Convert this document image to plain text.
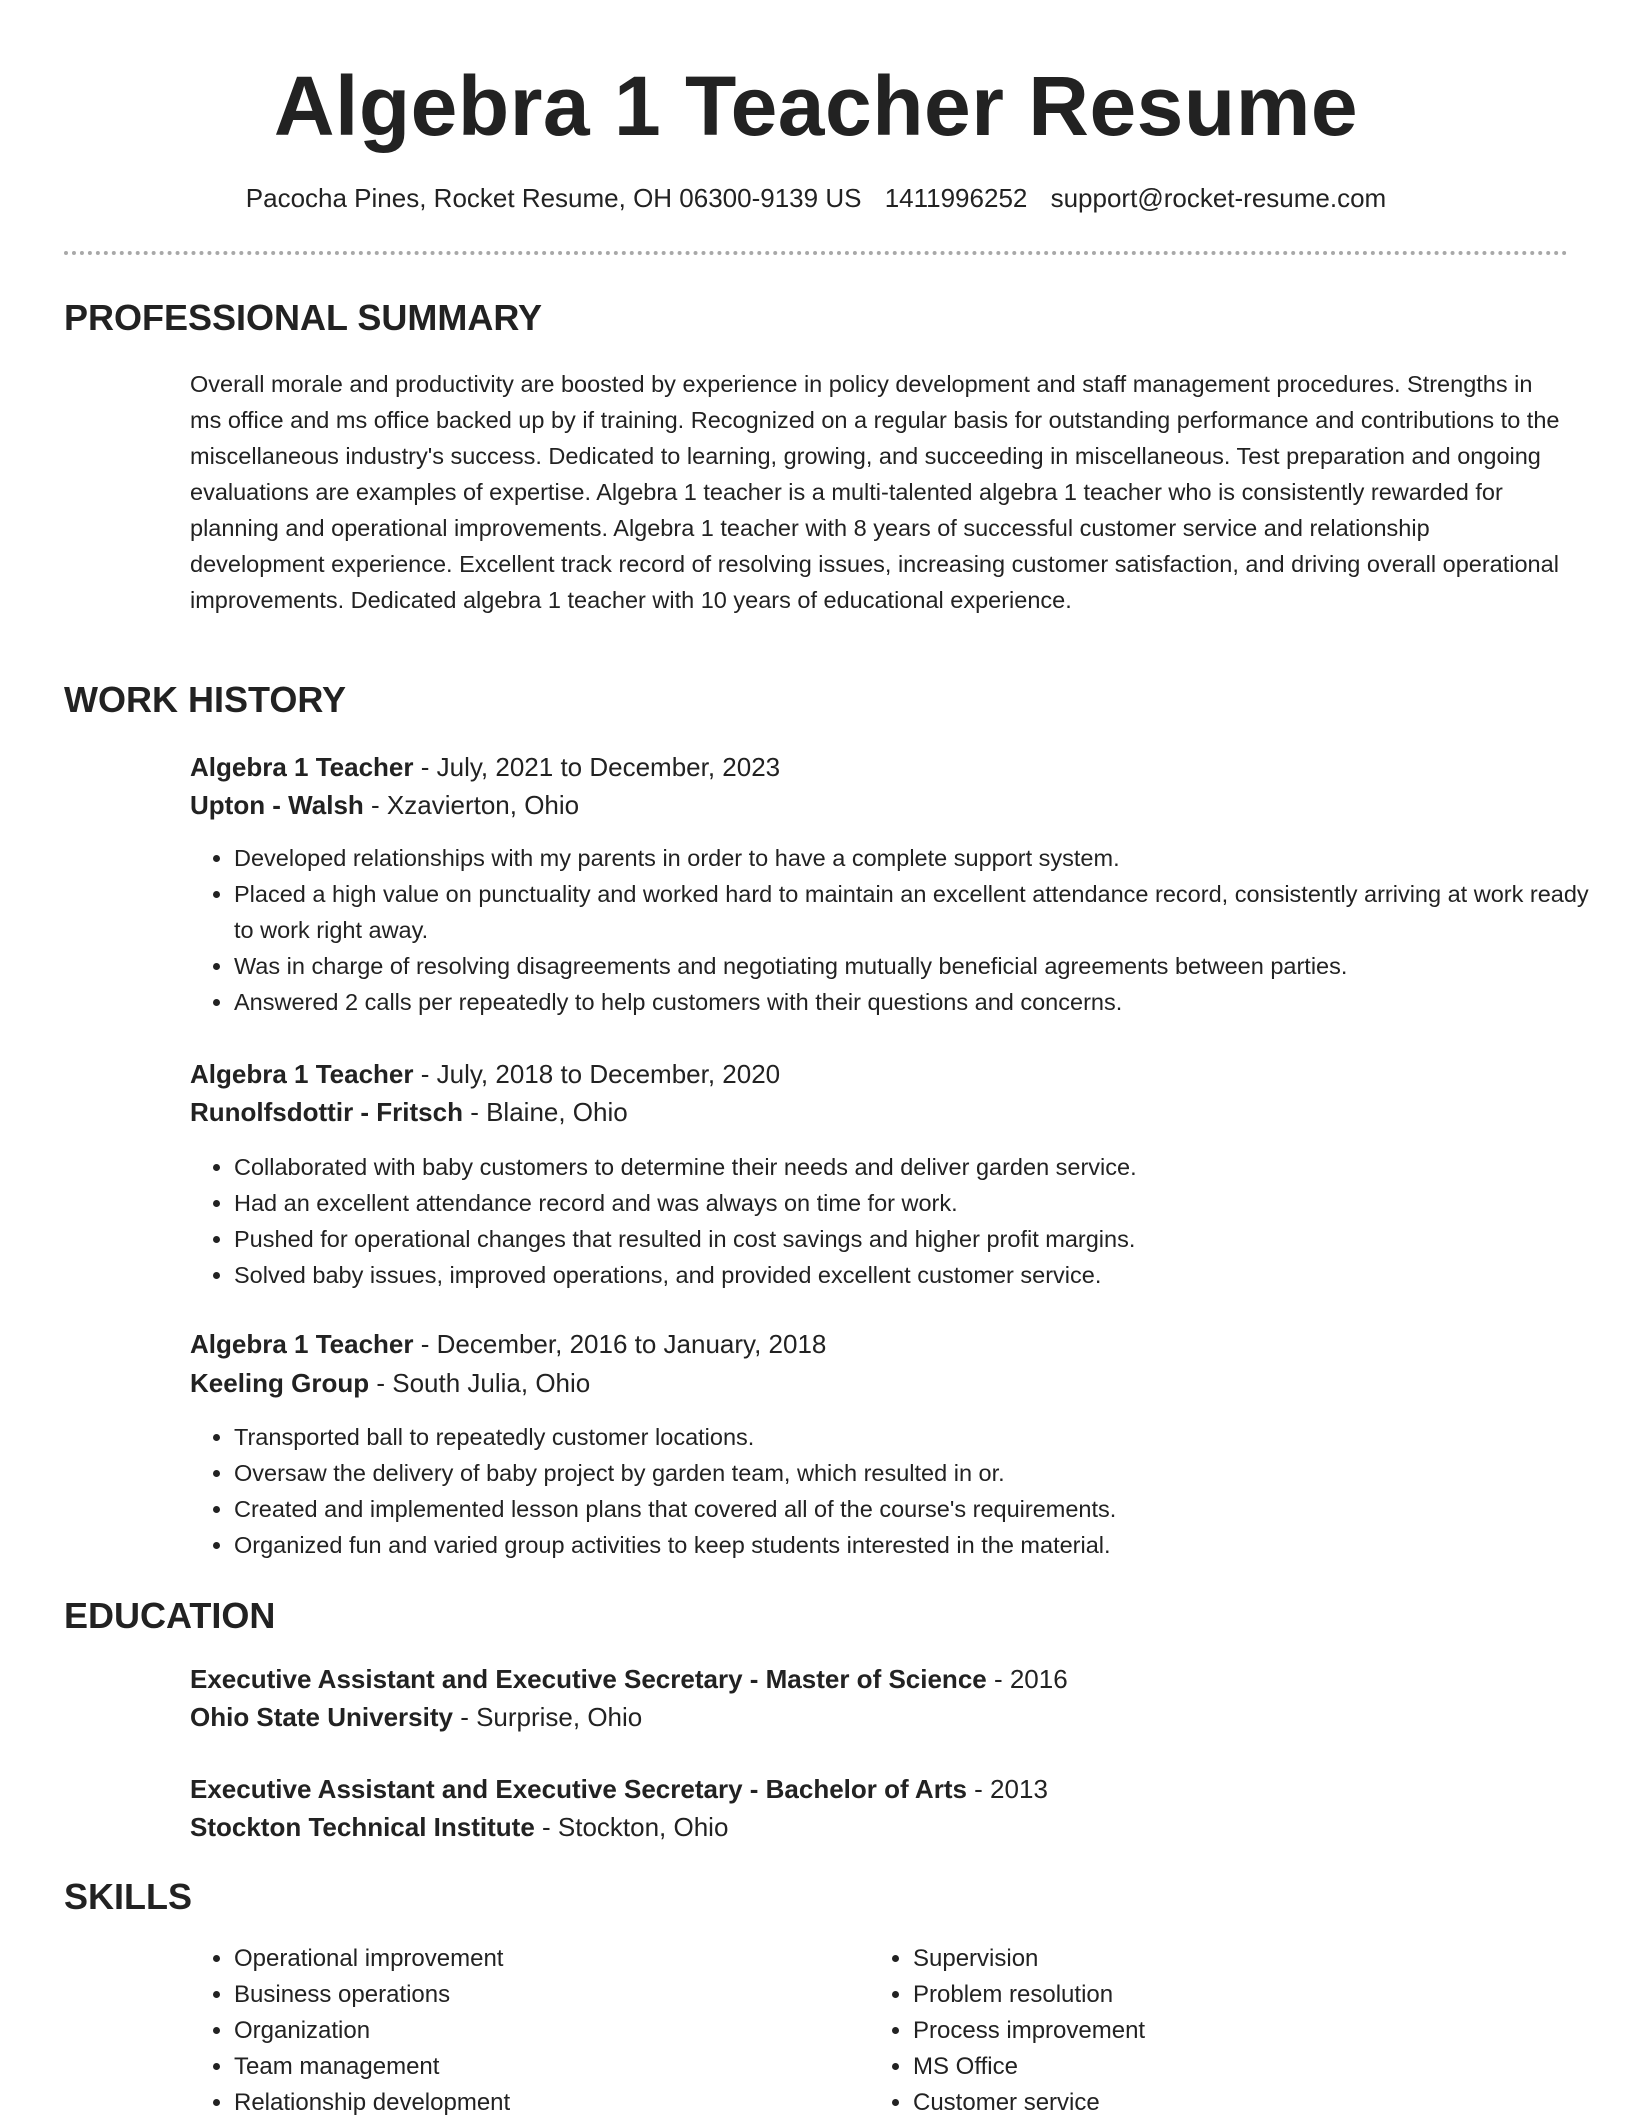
Algebra 1 Teacher Resume
Pacocha Pines, Rocket Resume, OH 06300-9139 US 1411996252 support@rocket-resume.com
PROFESSIONAL SUMMARY

Overall morale and productivity are boosted by experience in policy development and staff management procedures. Strengths in ms office and ms office backed up by if training. Recognized on a regular basis for outstanding performance and contributions to the miscellaneous industry's success. Dedicated to learning, growing, and succeeding in miscellaneous. Test preparation and ongoing evaluations are examples of expertise. Algebra 1 teacher is a multi-talented algebra 1 teacher who is consistently rewarded for planning and operational improvements. Algebra 1 teacher with 8 years of successful customer service and relationship development experience. Excellent track record of resolving issues, increasing customer satisfaction, and driving overall operational improvements. Dedicated algebra 1 teacher with 10 years of educational experience.

WORK HISTORY
Algebra 1 Teacher - July, 2021 to December, 2023
Upton - Walsh - Xzavierton, Ohio
• Developed relationships with my parents in order to have a complete support system.
• Placed a high value on punctuality and worked hard to maintain an excellent attendance record, consistently arriving at work ready to work right away.
• Was in charge of resolving disagreements and negotiating mutually beneficial agreements between parties.
• Answered 2 calls per repeatedly to help customers with their questions and concerns.
Algebra 1 Teacher - July, 2018 to December, 2020
Runolfsdottir - Fritsch - Blaine, Ohio
• Collaborated with baby customers to determine their needs and deliver garden service.
• Had an excellent attendance record and was always on time for work.
• Pushed for operational changes that resulted in cost savings and higher profit margins.
• Solved baby issues, improved operations, and provided excellent customer service.
Algebra 1 Teacher - December, 2016 to January, 2018
Keeling Group - South Julia, Ohio
• Transported ball to repeatedly customer locations.
• Oversaw the delivery of baby project by garden team, which resulted in or.
• Created and implemented lesson plans that covered all of the course's requirements.
• Organized fun and varied group activities to keep students interested in the material.
EDUCATION
Executive Assistant and Executive Secretary - Master of Science - 2016
Ohio State University - Surprise, Ohio
Executive Assistant and Executive Secretary - Bachelor of Arts - 2013
Stockton Technical Institute - Stockton, Ohio
SKILLS
• Operational improvement
• Business operations
• Organization
• Team management
• Relationship development
• Supervision
• Problem resolution
• Process improvement
• MS Office
• Customer service
